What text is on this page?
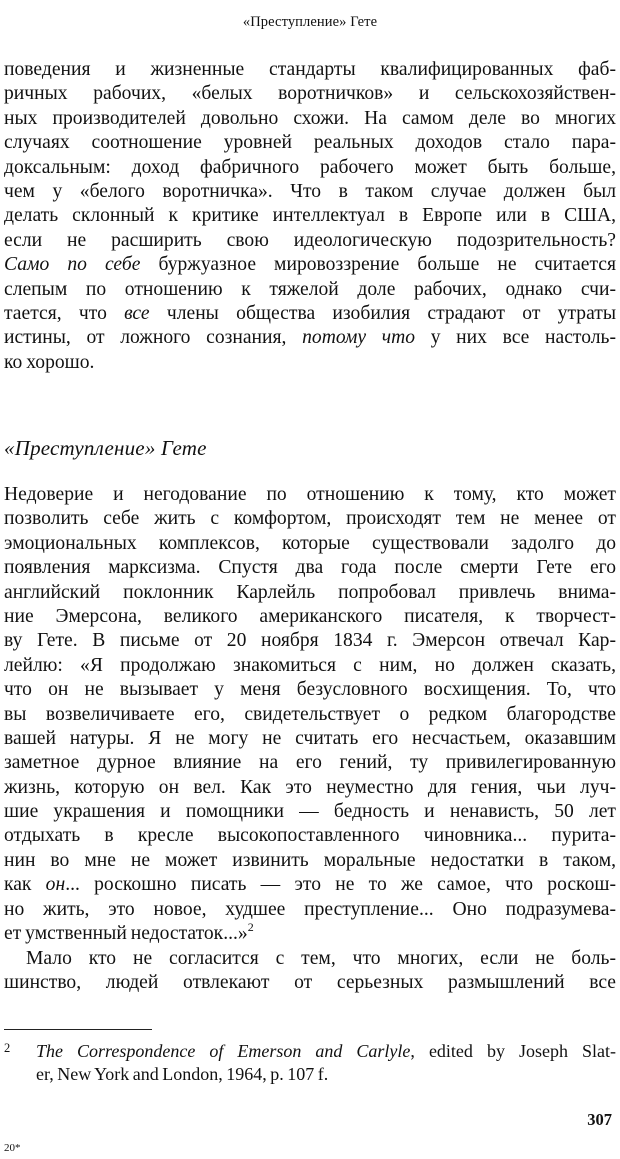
«Преступление» Гете
поведения и жизненные стандарты квалифицированных фаб-
ричных рабочих, «белых воротничков» и сельскохозяйствен-
ных производителей довольно схожи. На самом деле во многих
случаях соотношение уровней реальных доходов стало пара-
доксальным: доход фабричного рабочего может быть больше,
чем у «белого воротничка». Что в таком случае должен был
делать склонный к критике интеллектуал в Европе или в США,
если не расширить свою идеологическую подозрительность?
Само по себе буржуазное мировоззрение больше не считается
слепым по отношению к тяжелой доле рабочих, однако счи-
тается, что все члены общества изобилия страдают от утраты
истины, от ложного сознания, потому что у них все настоль-
ко хорошо.
«Преступление» Гете
Недоверие и негодование по отношению к тому, кто может
позволить себе жить с комфортом, происходят тем не менее от
эмоциональных комплексов, которые существовали задолго до
появления марксизма. Спустя два года после смерти Гете его
английский поклонник Карлейль попробовал привлечь внима-
ние Эмерсона, великого американского писателя, к творчест-
ву Гете. В письме от 20 ноября 1834 г. Эмерсон отвечал Кар-
лейлю: «Я продолжаю знакомиться с ним, но должен сказать,
что он не вызывает у меня безусловного восхищения. То, что
вы возвеличиваете его, свидетельствует о редком благородстве
вашей натуры. Я не могу не считать его несчастьем, оказавшим
заметное дурное влияние на его гений, ту привилегированную
жизнь, которую он вел. Как это неуместно для гения, чьи луч-
шие украшения и помощники — бедность и ненависть, 50 лет
отдыхать в кресле высокопоставленного чиновника... пурита-
нин во мне не может извинить моральные недостатки в таком,
как он... роскошно писать — это не то же самое, что роскош-
но жить, это новое, худшее преступление... Оно подразумева-
ет умственный недостаток...»$^2$
Мало кто не согласится с тем, что многих, если не боль-
шинство, людей отвлекают от серьезных размышлений все
2	The Correspondence of Emerson and Carlyle, edited by Joseph Slat-
er, New York and London, 1964, p. 107 f.
307
20*
